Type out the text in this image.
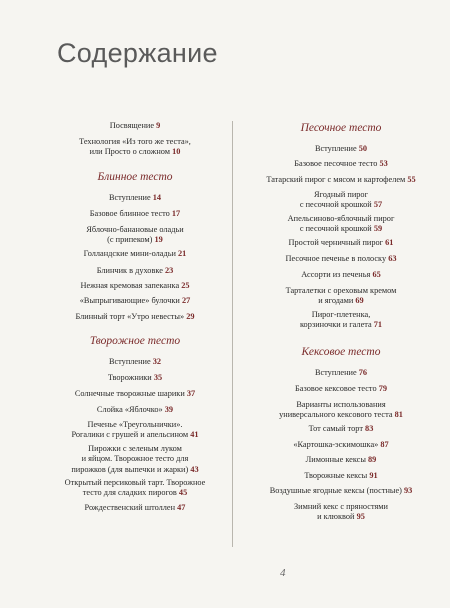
Содержание
Посвящение 9
Технология «Из того же теста»,
или Просто о сложном 10
Блинное тесто
Вступление 14
Базовое блинное тесто 17
Яблочно-банановые оладьи
(с припеком) 19
Голландские мини-оладьи 21
Блинчик в духовке 23
Нежная кремовая запеканка 25
«Выпрыгивающие» булочки 27
Блинный торт «Утро невесты» 29
Творожное тесто
Вступление 32
Творожники 35
Солнечные творожные шарики 37
Слойка «Яблочко» 39
Печенье «Треугольнички».
Рогалики с грушей и апельсином 41
Пирожки с зеленым луком
и яйцом. Творожное тесто для
пирожков (для выпечки и жарки) 43
Открытый персиковый тарт. Творожное
тесто для сладких пирогов 45
Рождественский штоллен 47
Песочное тесто
Вступление 50
Базовое песочное тесто 53
Татарский пирог с мясом и картофелем 55
Ягодный пирог
с песочной крошкой 57
Апельсиново-яблочный пирог
с песочной крошкой 59
Простой черничный пирог 61
Песочное печенье в полоску 63
Ассорти из печенья 65
Тарталетки с ореховым кремом
и ягодами 69
Пирог-плетенка,
корзиночки и галета 71
Кексовое тесто
Вступление 76
Базовое кексовое тесто 79
Варианты использования
универсального кексового теста 81
Тот самый торт 83
«Картошка-эскимошка» 87
Лимонные кексы 89
Творожные кексы 91
Воздушные ягодные кексы (постные) 93
Зимний кекс с пряностями
и клюквой 95
4
